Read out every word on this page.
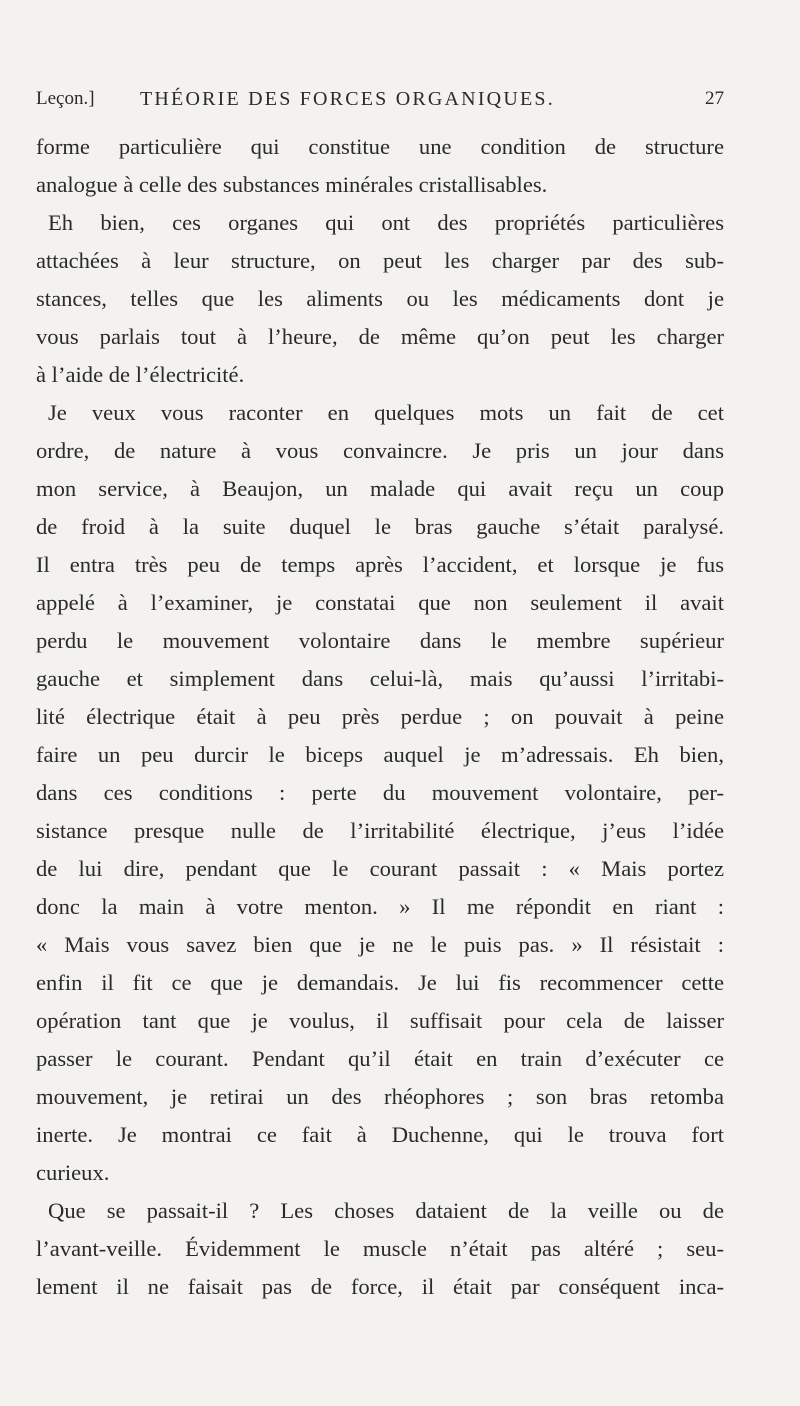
Leçon.] THÉORIE DES FORCES ORGANIQUES.	27

forme particulière qui constitue une condition de structure
analogue à celle des substances minérales cristallisables.

Eh bien, ces organes qui ont des propriétés particulières
attachées à leur structure, on peut les charger par des sub-
stances, telles que les aliments ou les médicaments dont je
vous parlais tout à l’heure, de même qu’on peut les charger
à l’aide de l’électricité.

Je veux vous raconter en quelques mots un fait de cet
ordre, de nature à vous convaincre. Je pris un jour dans
mon service, à Beaujon, un malade qui avait reçu un coup
de froid à la suite duquel le bras gauche s’était paralysé.
Il entra très peu de temps après l’accident, et lorsque je fus
appelé à l’examiner, je constatai que non seulement il avait
perdu le mouvement volontaire dans le membre supérieur
gauche et simplement dans celui-là, mais qu’aussi l’irritabi-
lité électrique était à peu près perdue ; on pouvait à peine
faire un peu durcir le biceps auquel je m’adressais. Eh bien,
dans ces conditions : perte du mouvement volontaire, per-
sistance presque nulle de l’irritabilité électrique, j’eus l’idée
de lui dire, pendant que le courant passait : « Mais portez
donc la main à votre menton. » Il me répondit en riant :
« Mais vous savez bien que je ne le puis pas. » Il résistait :
enfin il fit ce que je demandais. Je lui fis recommencer cette
opération tant que je voulus, il suffisait pour cela de laisser
passer le courant. Pendant qu’il était en train d’exécuter ce
mouvement, je retirai un des rhéophores ; son bras retomba
inerte. Je montrai ce fait à Duchenne, qui le trouva fort
curieux.

Que se passait-il ? Les choses dataient de la veille ou de
l’avant-veille. Évidemment le muscle n’était pas altéré ; seu-
lement il ne faisait pas de force, il était par conséquent inca-
